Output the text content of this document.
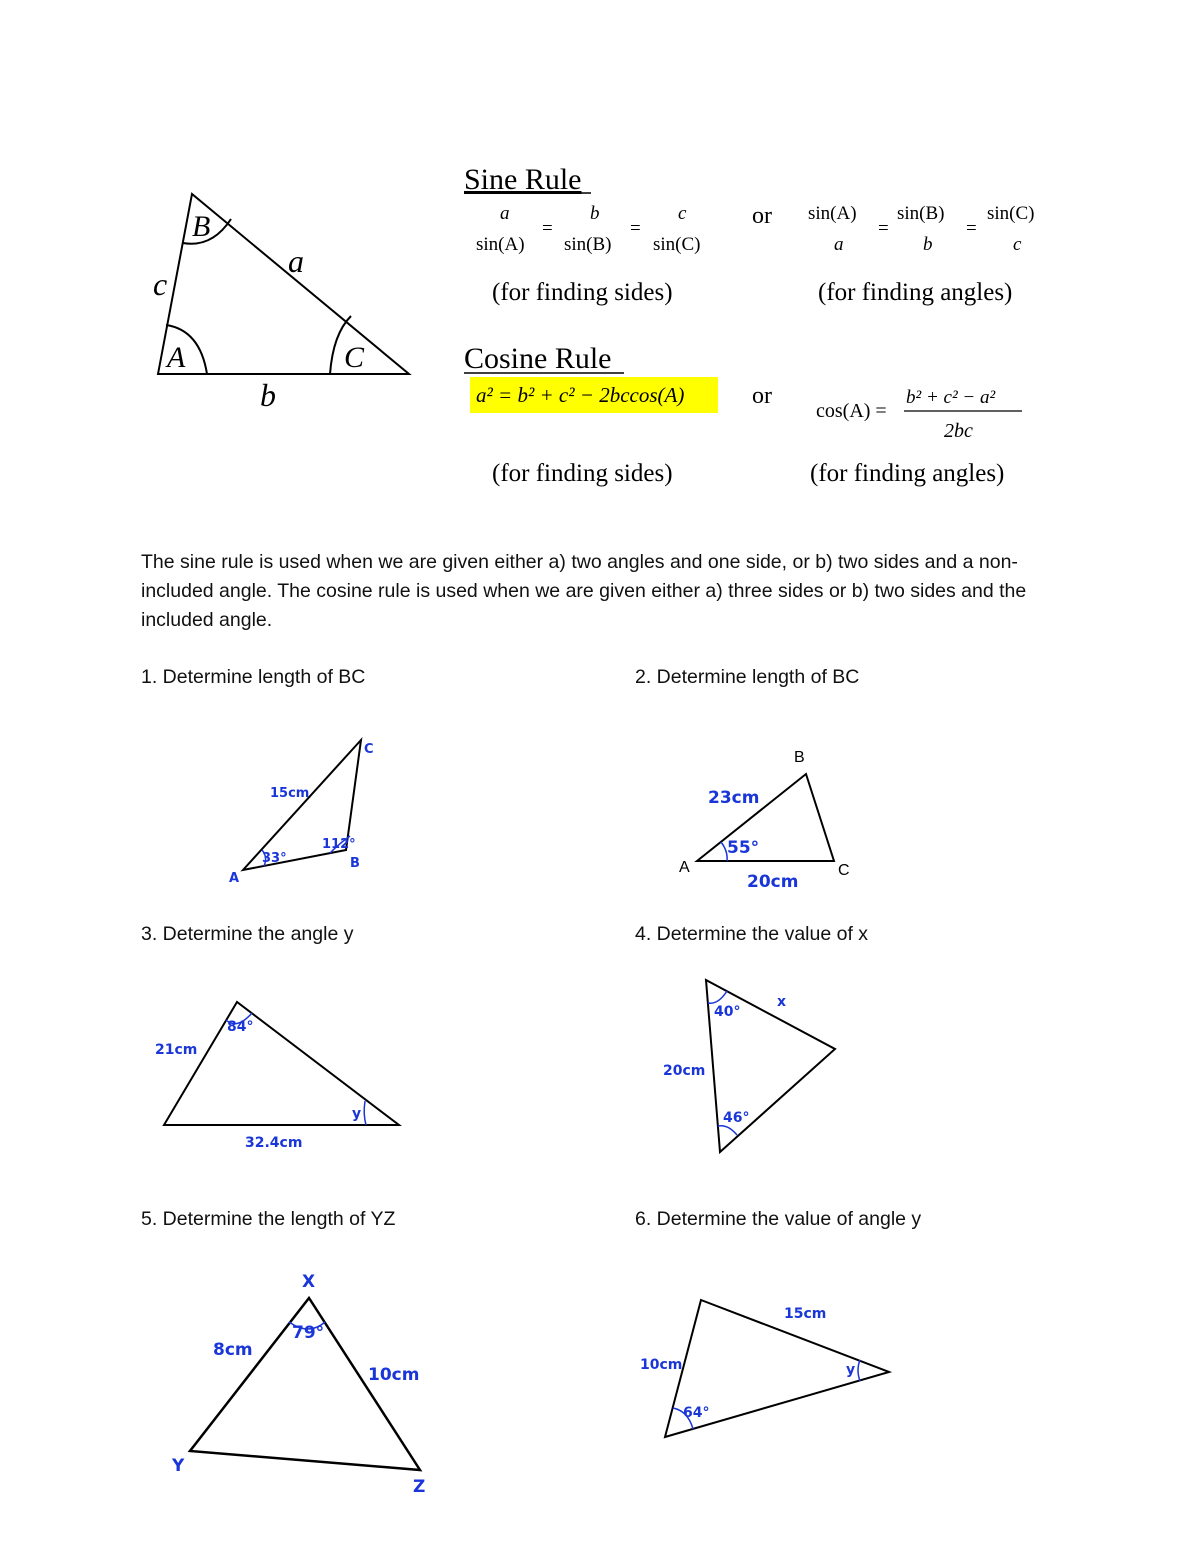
B
A	C
a
b
c
Sine Rule
a	b	c
=	=
sin(A) sin(B) sin(C)
or sin(A) sin(B) sin(C)
=	=
a	b	c
(for finding sides)	(for finding angles)
Cosine Rule
a² = b² + c² − 2bccos(A)	or
cos(A) =
b² + c² − a²
2bc
(for finding sides)	(for finding angles)
The sine rule is used when we are given either a) two angles and one side, or b) two sides and a non-included angle. The cosine rule is used when we are given either a) three sides or b) two sides and the included angle.
1. Determine length of BC	2. Determine length of BC
3. Determine the angle y	4. Determine the value of x
5. Determine the length of YZ	6. Determine the value of angle y
C
15cm
112°
33°
A
B
B
23cm
55°
A	C
20cm
84°
21cm
y
32.4cm
40°
x
20cm
46°
X
79°
8cm
10cm
Y
Z
15cm
10cm	y
64°
